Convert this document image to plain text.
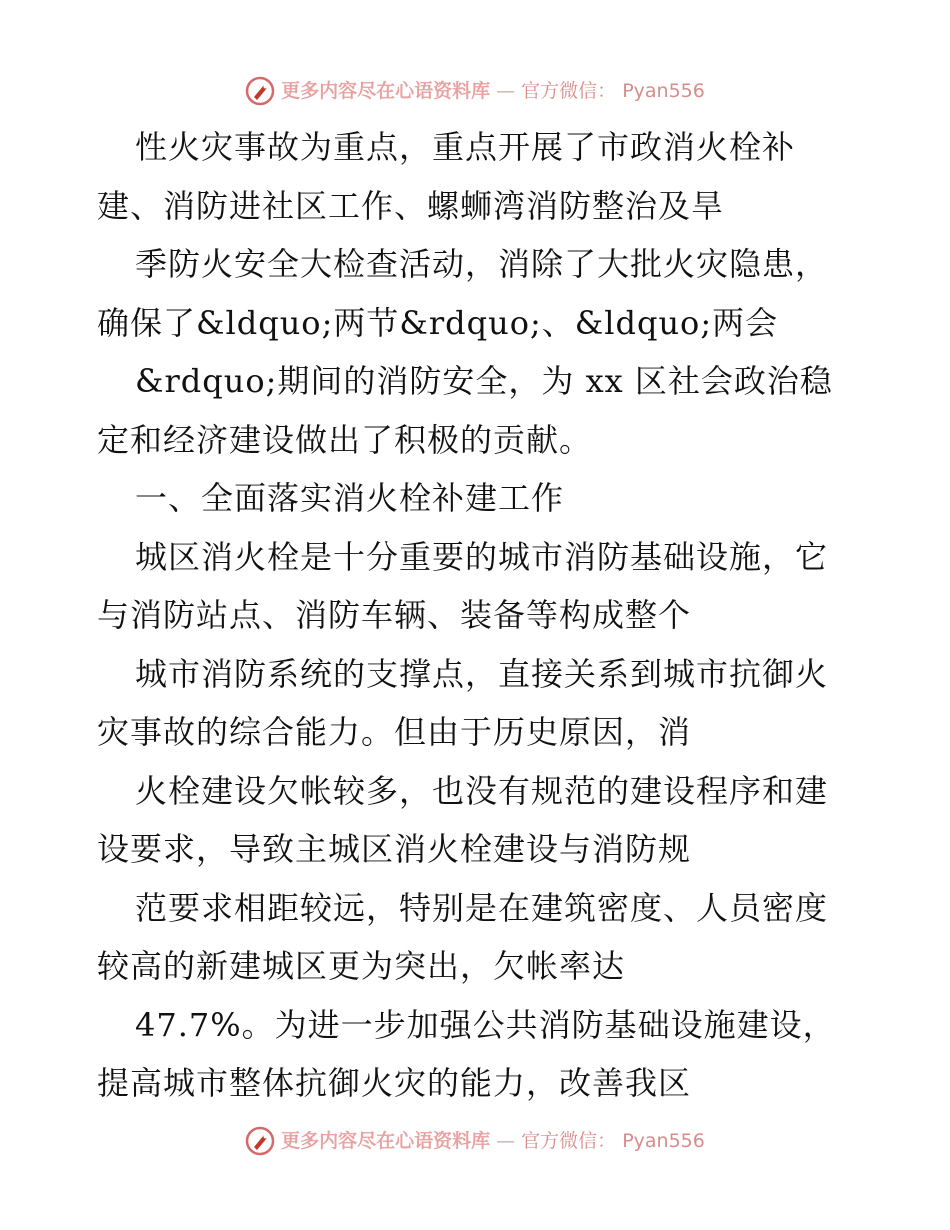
更多内容尽在心语资料库 — 官方微信： Pyan556
性火灾事故为重点，重点开展了市政消火栓补
建、消防进社区工作、螺蛳湾消防整治及旱
季防火安全大检查活动，消除了大批火灾隐患，
确保了&ldquo;两节&rdquo;、&ldquo;两会
&rdquo;期间的消防安全，为 xx 区社会政治稳
定和经济建设做出了积极的贡献。
一、全面落实消火栓补建工作
城区消火栓是十分重要的城市消防基础设施，它
与消防站点、消防车辆、装备等构成整个
城市消防系统的支撑点，直接关系到城市抗御火
灾事故的综合能力。但由于历史原因，消
火栓建设欠帐较多，也没有规范的建设程序和建
设要求，导致主城区消火栓建设与消防规
范要求相距较远，特别是在建筑密度、人员密度
较高的新建城区更为突出，欠帐率达
47.7%。为进一步加强公共消防基础设施建设，
提高城市整体抗御火灾的能力，改善我区
更多内容尽在心语资料库 — 官方微信： Pyan556
